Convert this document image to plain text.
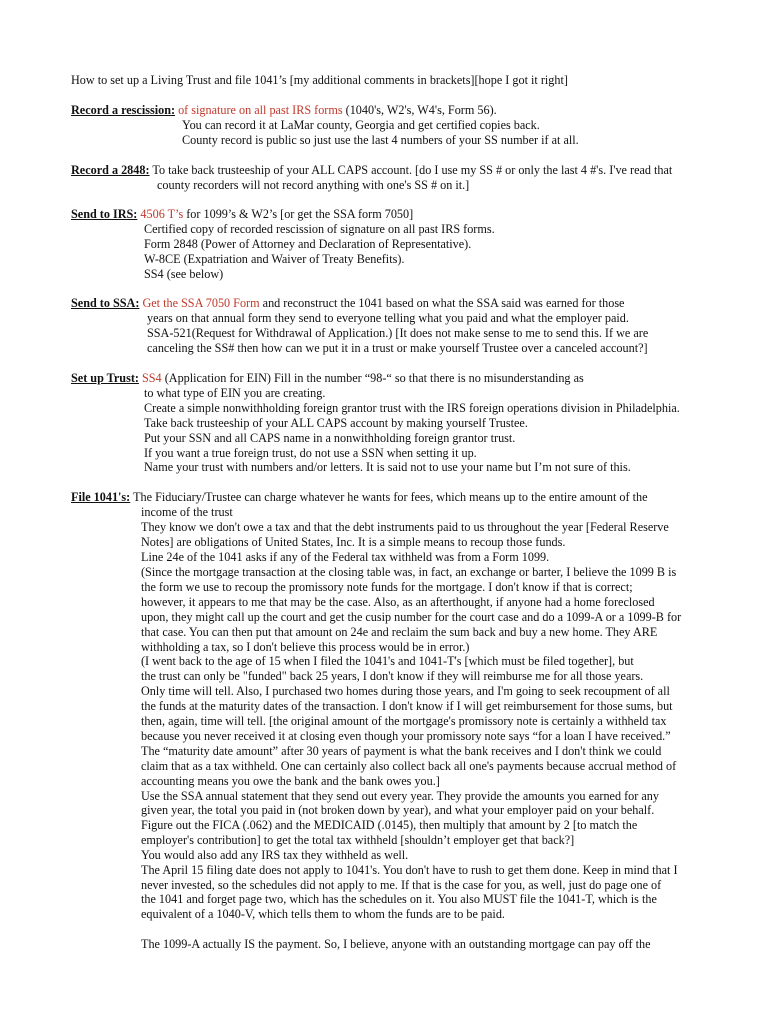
How to set up a Living Trust and file 1041’s [my additional comments in brackets][hope I got it right]
Record a rescission: of signature on all past IRS forms (1040's, W2's, W4's, Form 56).
You can record it at LaMar county, Georgia and get certified copies back.
County record is public so just use the last 4 numbers of your SS number if at all.
Record a 2848: To take back trusteeship of your ALL CAPS account. [do I use my SS # or only the last 4 #'s. I've read that
county recorders will not record anything with one's SS # on it.]
Send to IRS: 4506 T’s for 1099’s & W2’s [or get the SSA form 7050]
Certified copy of recorded rescission of signature on all past IRS forms.
Form 2848 (Power of Attorney and Declaration of Representative).
W-8CE (Expatriation and Waiver of Treaty Benefits).
SS4 (see below)
Send to SSA: Get the SSA 7050 Form and reconstruct the 1041 based on what the SSA said was earned for those
years on that annual form they send to everyone telling what you paid and what the employer paid.
SSA-521(Request for Withdrawal of Application.) [It does not make sense to me to send this. If we are
canceling the SS# then how can we put it in a trust or make yourself Trustee over a canceled account?]
Set up Trust: SS4 (Application for EIN) Fill in the number “98-“ so that there is no misunderstanding as
to what type of EIN you are creating.
Create a simple nonwithholding foreign grantor trust with the IRS foreign operations division in Philadelphia.
Take back trusteeship of your ALL CAPS account by making yourself Trustee.
Put your SSN and all CAPS name in a nonwithholding foreign grantor trust.
If you want a true foreign trust, do not use a SSN when setting it up.
Name your trust with numbers and/or letters. It is said not to use your name but I’m not sure of this.
File 1041's: The Fiduciary/Trustee can charge whatever he wants for fees, which means up to the entire amount of the
income of the trust
They know we don't owe a tax and that the debt instruments paid to us throughout the year [Federal Reserve
Notes] are obligations of United States, Inc. It is a simple means to recoup those funds.
Line 24e of the 1041 asks if any of the Federal tax withheld was from a Form 1099.
(Since the mortgage transaction at the closing table was, in fact, an exchange or barter, I believe the 1099 B is
the form we use to recoup the promissory note funds for the mortgage. I don't know if that is correct;
however, it appears to me that may be the case. Also, as an afterthought, if anyone had a home foreclosed
upon, they might call up the court and get the cusip number for the court case and do a 1099-A or a 1099-B for
that case. You can then put that amount on 24e and reclaim the sum back and buy a new home. They ARE
withholding a tax, so I don't believe this process would be in error.)
(I went back to the age of 15 when I filed the 1041's and 1041-T's [which must be filed together], but
the trust can only be "funded" back 25 years, I don't know if they will reimburse me for all those years.
Only time will tell. Also, I purchased two homes during those years, and I'm going to seek recoupment of all
the funds at the maturity dates of the transaction. I don't know if I will get reimbursement for those sums, but
then, again, time will tell. [the original amount of the mortgage's promissory note is certainly a withheld tax
because you never received it at closing even though your promissory note says “for a loan I have received.”
The “maturity date amount” after 30 years of payment is what the bank receives and I don't think we could
claim that as a tax withheld. One can certainly also collect back all one's payments because accrual method of
accounting means you owe the bank and the bank owes you.]
Use the SSA annual statement that they send out every year. They provide the amounts you earned for any
given year, the total you paid in (not broken down by year), and what your employer paid on your behalf.
Figure out the FICA (.062) and the MEDICAID (.0145), then multiply that amount by 2 [to match the
employer's contribution] to get the total tax withheld [shouldn’t employer get that back?]
You would also add any IRS tax they withheld as well.
The April 15 filing date does not apply to 1041's. You don't have to rush to get them done. Keep in mind that I
never invested, so the schedules did not apply to me. If that is the case for you, as well, just do page one of
the 1041 and forget page two, which has the schedules on it. You also MUST file the 1041-T, which is the
equivalent of a 1040-V, which tells them to whom the funds are to be paid.
The 1099-A actually IS the payment. So, I believe, anyone with an outstanding mortgage can pay off the
